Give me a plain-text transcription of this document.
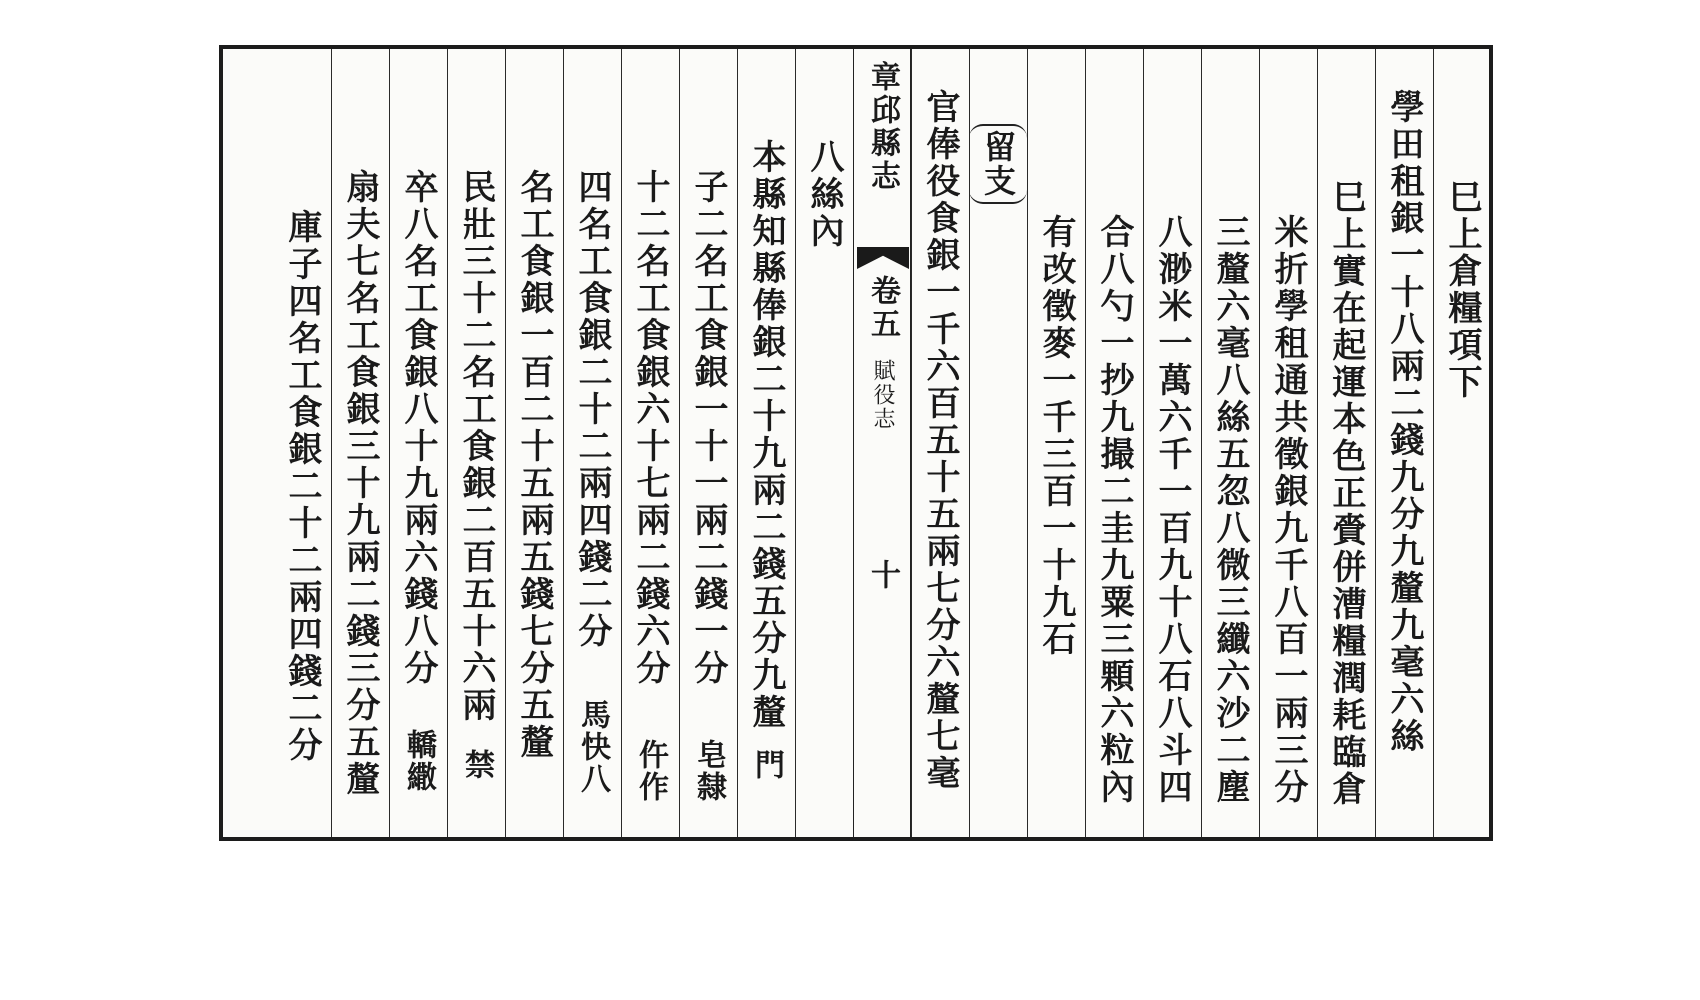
巳上倉糧項下
學田租銀一十八兩二錢九分九釐九毫六絲
巳上實在起運本色正賫併漕糧潤耗臨倉
米折學租通共徵銀九千八百一兩三分
三釐六毫八絲五忽八微三纖六沙二塵
八渺米一萬六千一百九十八石八斗四
合八勺一抄九撮二圭九粟三顆六粒內
有改徵麥一千三百一十九石
留支
官俸役食銀一千六百五十五兩七分六釐七毫
章邱縣志
卷五
賦役志
十
八絲內
本縣知縣俸銀二十九兩二錢五分九釐
門
子二名工食銀一十一兩二錢一分
皂隸
十二名工食銀六十七兩二錢六分
仵作
四名工食銀二十二兩四錢二分
馬快八
名工食銀一百二十五兩五錢七分五釐
民壯三十二名工食銀二百五十六兩
禁
卒八名工食銀八十九兩六錢八分
轎繖
扇夫七名工食銀三十九兩二錢三分五釐
庫子四名工食銀二十二兩四錢二分
